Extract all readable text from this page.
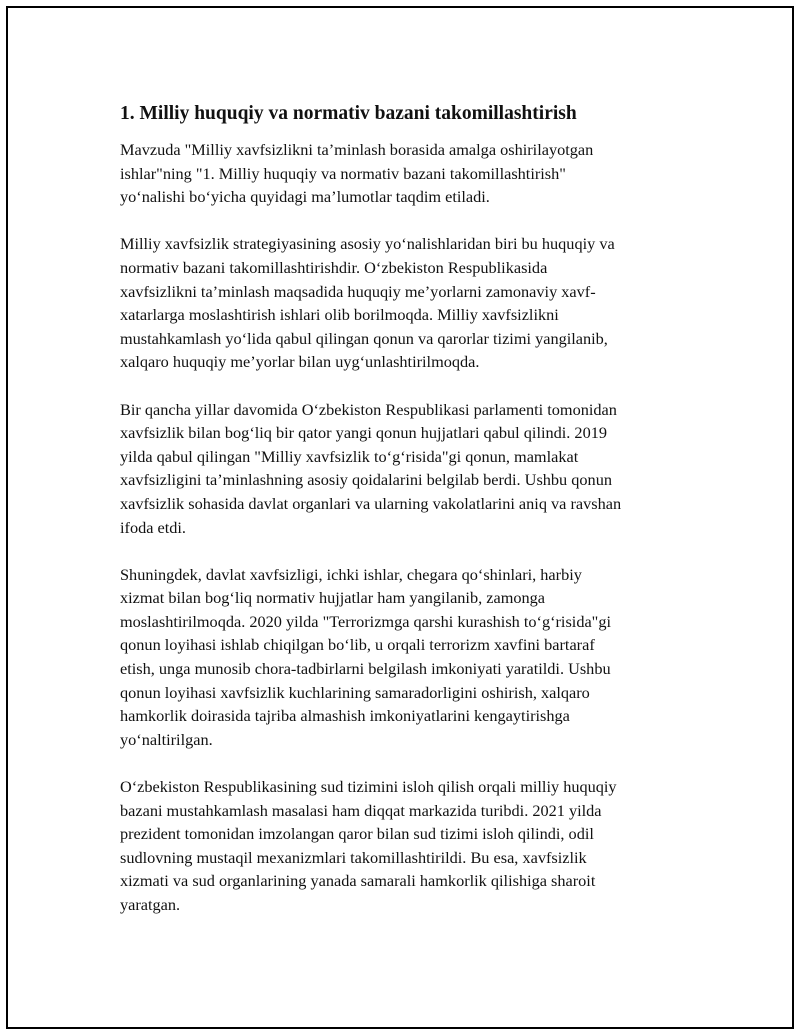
1. Milliy huquqiy va normativ bazani takomillashtirish
Mavzuda "Milliy xavfsizlikni ta’minlash borasida amalga oshirilayotgan
ishlar"ning "1. Milliy huquqiy va normativ bazani takomillashtirish"
yo‘nalishi bo‘yicha quyidagi ma’lumotlar taqdim etiladi.
Milliy xavfsizlik strategiyasining asosiy yo‘nalishlaridan biri bu huquqiy va
normativ bazani takomillashtirishdir. O‘zbekiston Respublikasida
xavfsizlikni ta’minlash maqsadida huquqiy me’yorlarni zamonaviy xavf-
xatarlarga moslashtirish ishlari olib borilmoqda. Milliy xavfsizlikni
mustahkamlash yo‘lida qabul qilingan qonun va qarorlar tizimi yangilanib,
xalqaro huquqiy me’yorlar bilan uyg‘unlashtirilmoqda.
Bir qancha yillar davomida O‘zbekiston Respublikasi parlamenti tomonidan
xavfsizlik bilan bog‘liq bir qator yangi qonun hujjatlari qabul qilindi. 2019
yilda qabul qilingan "Milliy xavfsizlik to‘g‘risida"gi qonun, mamlakat
xavfsizligini ta’minlashning asosiy qoidalarini belgilab berdi. Ushbu qonun
xavfsizlik sohasida davlat organlari va ularning vakolatlarini aniq va ravshan
ifoda etdi.
Shuningdek, davlat xavfsizligi, ichki ishlar, chegara qo‘shinlari, harbiy
xizmat bilan bog‘liq normativ hujjatlar ham yangilanib, zamonga
moslashtirilmoqda. 2020 yilda "Terrorizmga qarshi kurashish to‘g‘risida"gi
qonun loyihasi ishlab chiqilgan bo‘lib, u orqali terrorizm xavfini bartaraf
etish, unga munosib chora-tadbirlarni belgilash imkoniyati yaratildi. Ushbu
qonun loyihasi xavfsizlik kuchlarining samaradorligini oshirish, xalqaro
hamkorlik doirasida tajriba almashish imkoniyatlarini kengaytirishga
yo‘naltirilgan.
O‘zbekiston Respublikasining sud tizimini isloh qilish orqali milliy huquqiy
bazani mustahkamlash masalasi ham diqqat markazida turibdi. 2021 yilda
prezident tomonidan imzolangan qaror bilan sud tizimi isloh qilindi, odil
sudlovning mustaqil mexanizmlari takomillashtirildi. Bu esa, xavfsizlik
xizmati va sud organlarining yanada samarali hamkorlik qilishiga sharoit
yaratgan.
